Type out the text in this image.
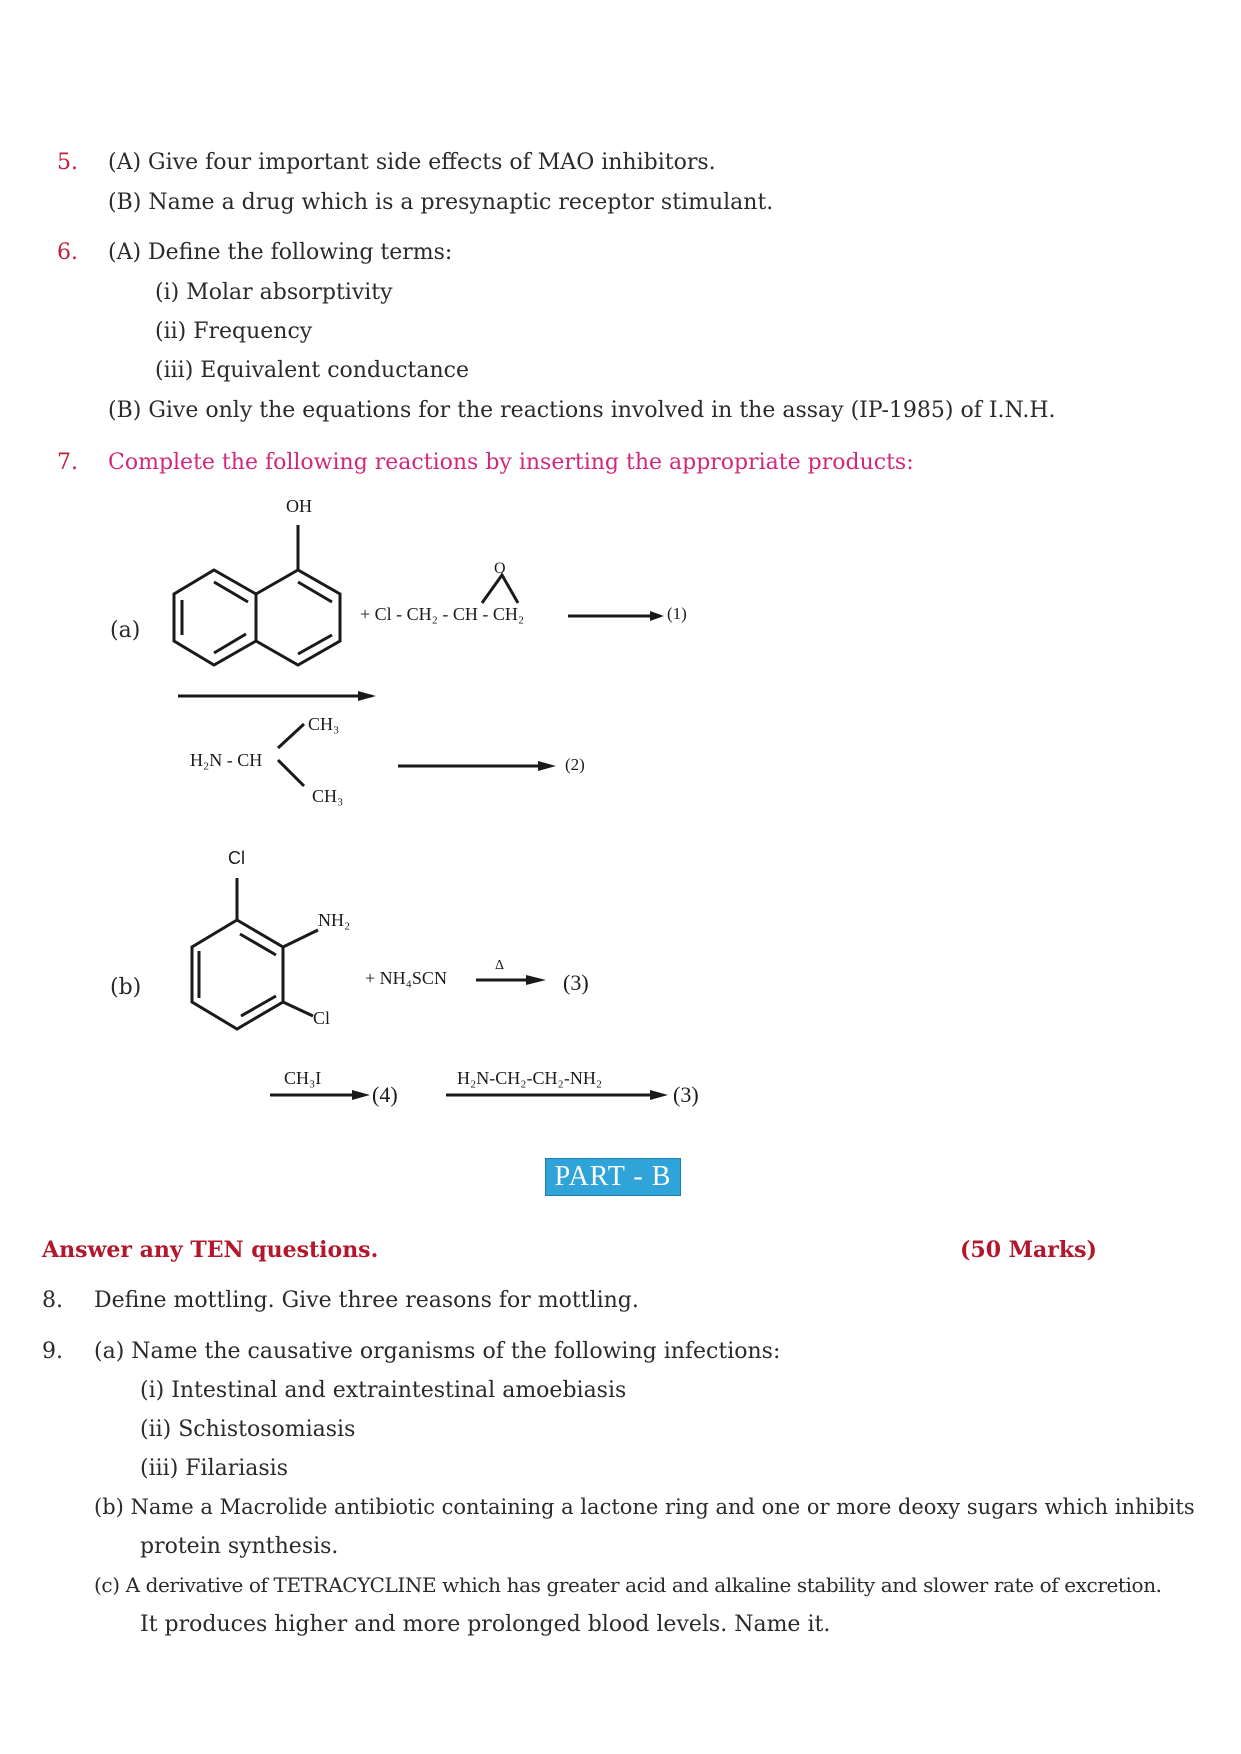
5. (A) Give four important side effects of MAO inhibitors.
(B) Name a drug which is a presynaptic receptor stimulant.
6. (A) Define the following terms:
(i) Molar absorptivity
(ii) Frequency
(iii) Equivalent conductance
(B) Give only the equations for the reactions involved in the assay (IP-1985) of I.N.H.
7. Complete the following reactions by inserting the appropriate products:
(a)
(b)
OH
O
+ Cl - CH₂ - CH - CH₂	(1)
H₂N - CH
CH₃
CH₃
(2)
Cl
NH₂
Cl
+ NH₄SCN
Δ
(3)
CH₃I
(4)
H₂N-CH₂-CH₂-NH₂
(3)
PART - B
Answer any TEN questions.	(50 Marks)
8. Define mottling. Give three reasons for mottling.
9. (a) Name the causative organisms of the following infections:
(i) Intestinal and extraintestinal amoebiasis
(ii) Schistosomiasis
(iii) Filariasis
(b) Name a Macrolide antibiotic containing a lactone ring and one or more deoxy sugars which inhibits
protein synthesis.
(c) A derivative of TETRACYCLINE which has greater acid and alkaline stability and slower rate of excretion.
It produces higher and more prolonged blood levels. Name it.
